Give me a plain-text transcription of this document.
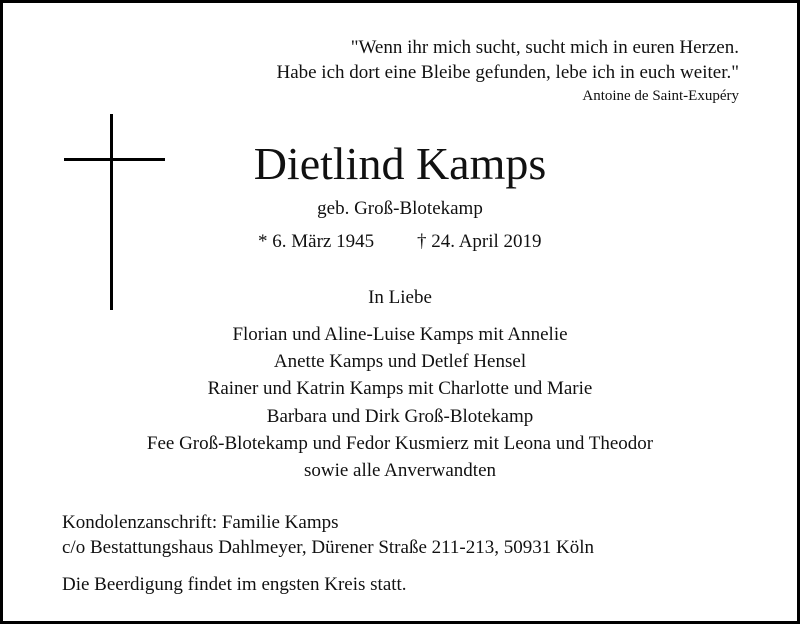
"Wenn ihr mich sucht, sucht mich in euren Herzen.
Habe ich dort eine Bleibe gefunden, lebe ich in euch weiter."
Antoine de Saint-Exupéry
Dietlind Kamps
geb. Groß-Blotekamp
* 6. März 1945 † 24. April 2019
In Liebe
Florian und Aline-Luise Kamps mit Annelie
Anette Kamps und Detlef Hensel
Rainer und Katrin Kamps mit Charlotte und Marie
Barbara und Dirk Groß-Blotekamp
Fee Groß-Blotekamp und Fedor Kusmierz mit Leona und Theodor
sowie alle Anverwandten
Kondolenzanschrift: Familie Kamps
c/o Bestattungshaus Dahlmeyer, Dürener Straße 211-213, 50931 Köln
Die Beerdigung findet im engsten Kreis statt.
